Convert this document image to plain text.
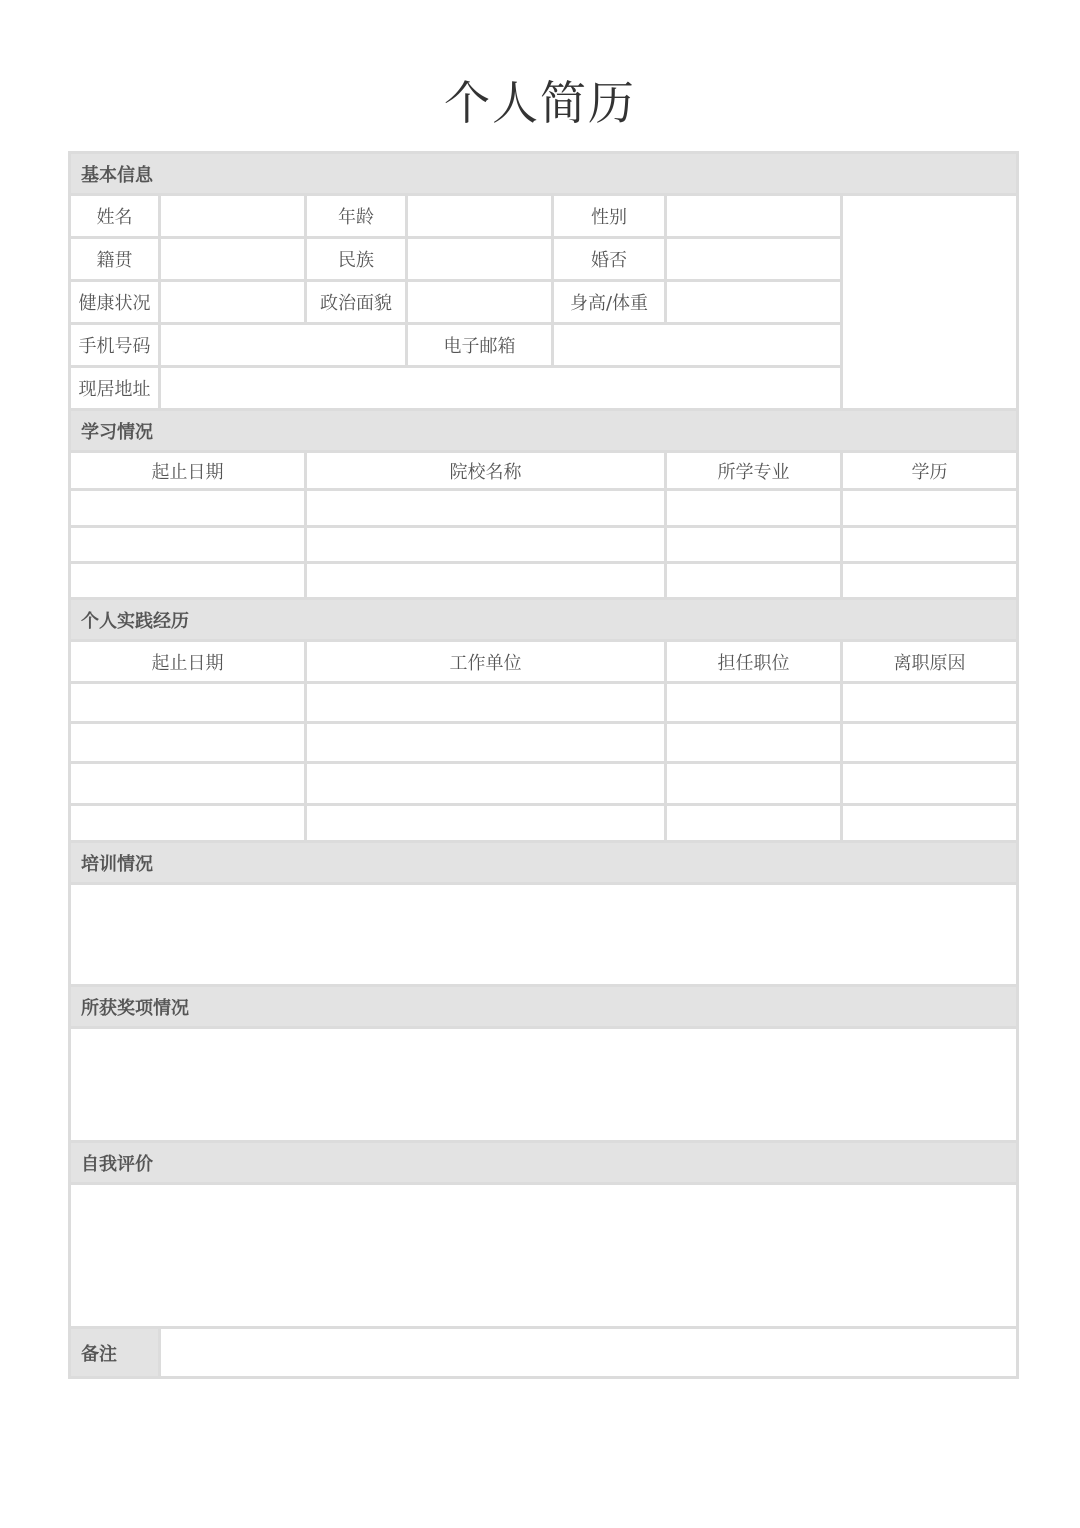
个人简历
基本信息						
姓名		年龄		性别		
籍贯		民族		婚否		
健康状况		政治面貌		身高/体重		
手机号码			电子邮箱			
现居地址						
学习情况						
起止日期		院校名称			所学专业	学历

个人实践经历						
起止日期		工作单位			担任职位	离职原因

培训情况						

所获奖项情况						

自我评价						

备注						
